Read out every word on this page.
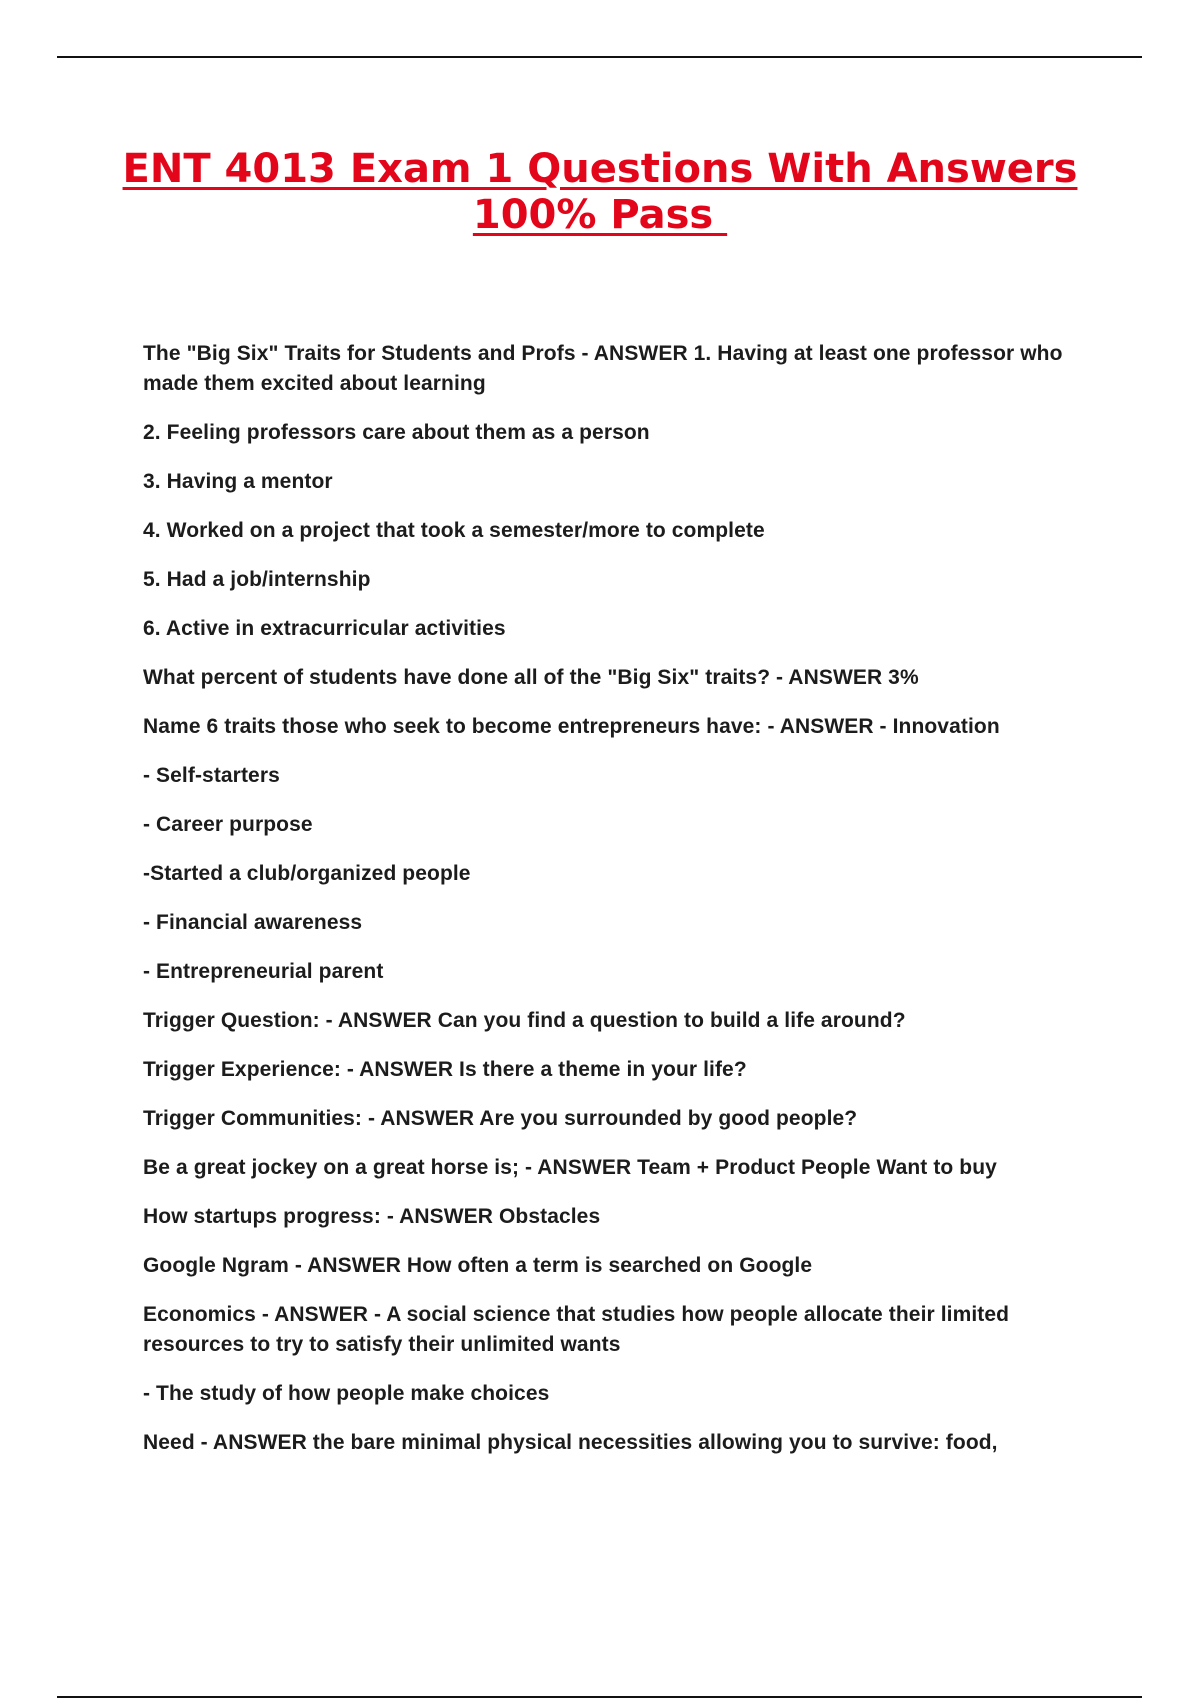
ENT 4013 Exam 1 Questions With Answers
100% Pass

The "Big Six" Traits for Students and Profs - ANSWER 1. Having at least one professor who made them excited about learning

2. Feeling professors care about them as a person

3. Having a mentor

4. Worked on a project that took a semester/more to complete

5. Had a job/internship

6. Active in extracurricular activities

What percent of students have done all of the "Big Six" traits? - ANSWER 3%

Name 6 traits those who seek to become entrepreneurs have: - ANSWER - Innovation

- Self-starters

- Career purpose

-Started a club/organized people

- Financial awareness

- Entrepreneurial parent

Trigger Question: - ANSWER Can you find a question to build a life around?

Trigger Experience: - ANSWER Is there a theme in your life?

Trigger Communities: - ANSWER Are you surrounded by good people?

Be a great jockey on a great horse is; - ANSWER Team + Product People Want to buy

How startups progress: - ANSWER Obstacles

Google Ngram - ANSWER How often a term is searched on Google

Economics - ANSWER - A social science that studies how people allocate their limited resources to try to satisfy their unlimited wants

- The study of how people make choices

Need - ANSWER the bare minimal physical necessities allowing you to survive: food,
